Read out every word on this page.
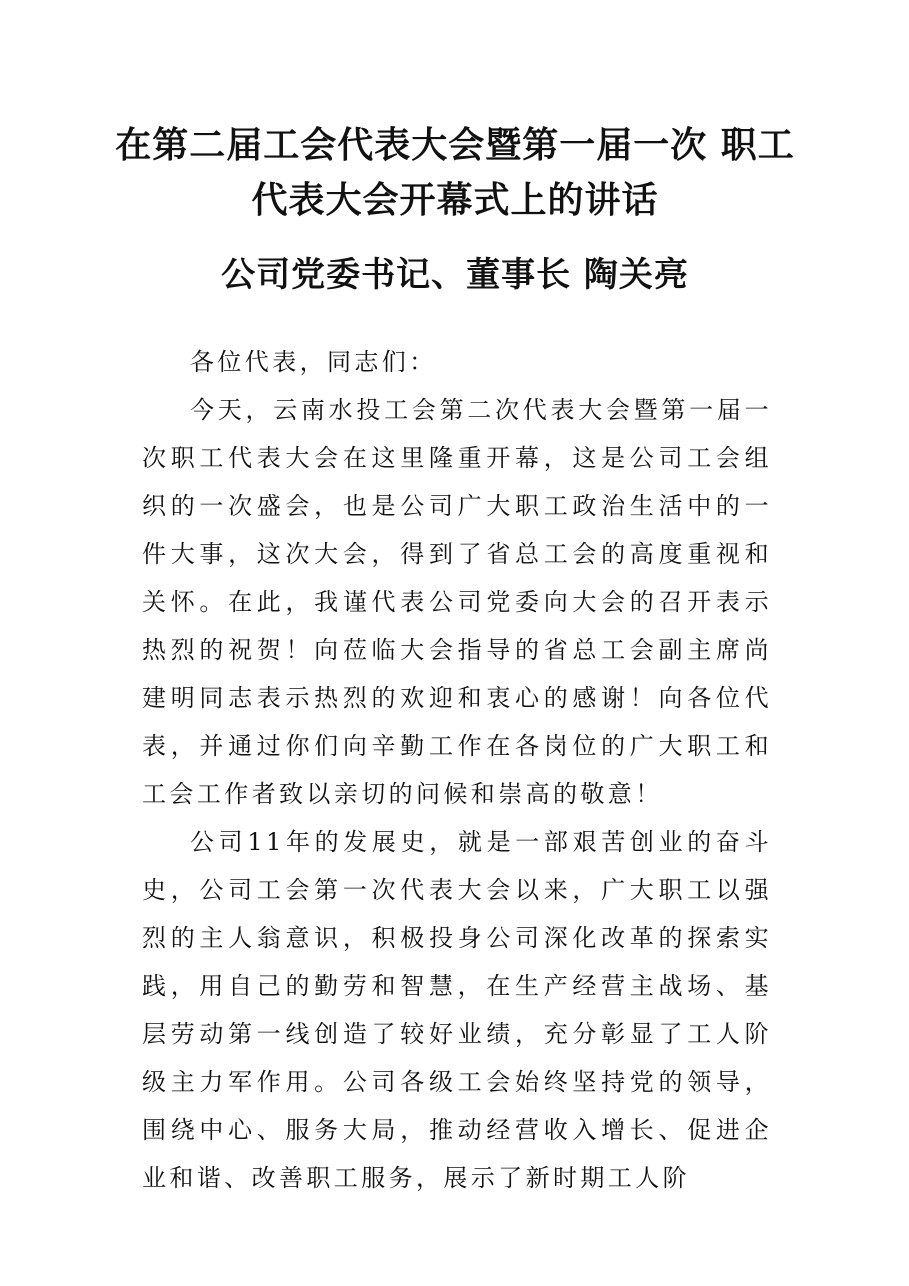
在第二届工会代表大会暨第一届一次 职工代表大会开幕式上的讲话
公司党委书记、董事长 陶关亮

各位代表，同志们：

今天，云南水投工会第二次代表大会暨第一届一次职工代表大会在这里隆重开幕，这是公司工会组织的一次盛会，也是公司广大职工政治生活中的一件大事，这次大会，得到了省总工会的高度重视和关怀。在此，我谨代表公司党委向大会的召开表示热烈的祝贺！向莅临大会指导的省总工会副主席尚建明同志表示热烈的欢迎和衷心的感谢！向各位代表，并通过你们向辛勤工作在各岗位的广大职工和工会工作者致以亲切的问候和崇高的敬意！

公司11年的发展史，就是一部艰苦创业的奋斗史，公司工会第一次代表大会以来，广大职工以强烈的主人翁意识，积极投身公司深化改革的探索实践，用自己的勤劳和智慧，在生产经营主战场、基层劳动第一线创造了较好业绩，充分彰显了工人阶级主力军作用。公司各级工会始终坚持党的领导，围绕中心、服务大局，推动经营收入增长、促进企业和谐、改善职工服务，展示了新时期工人阶
